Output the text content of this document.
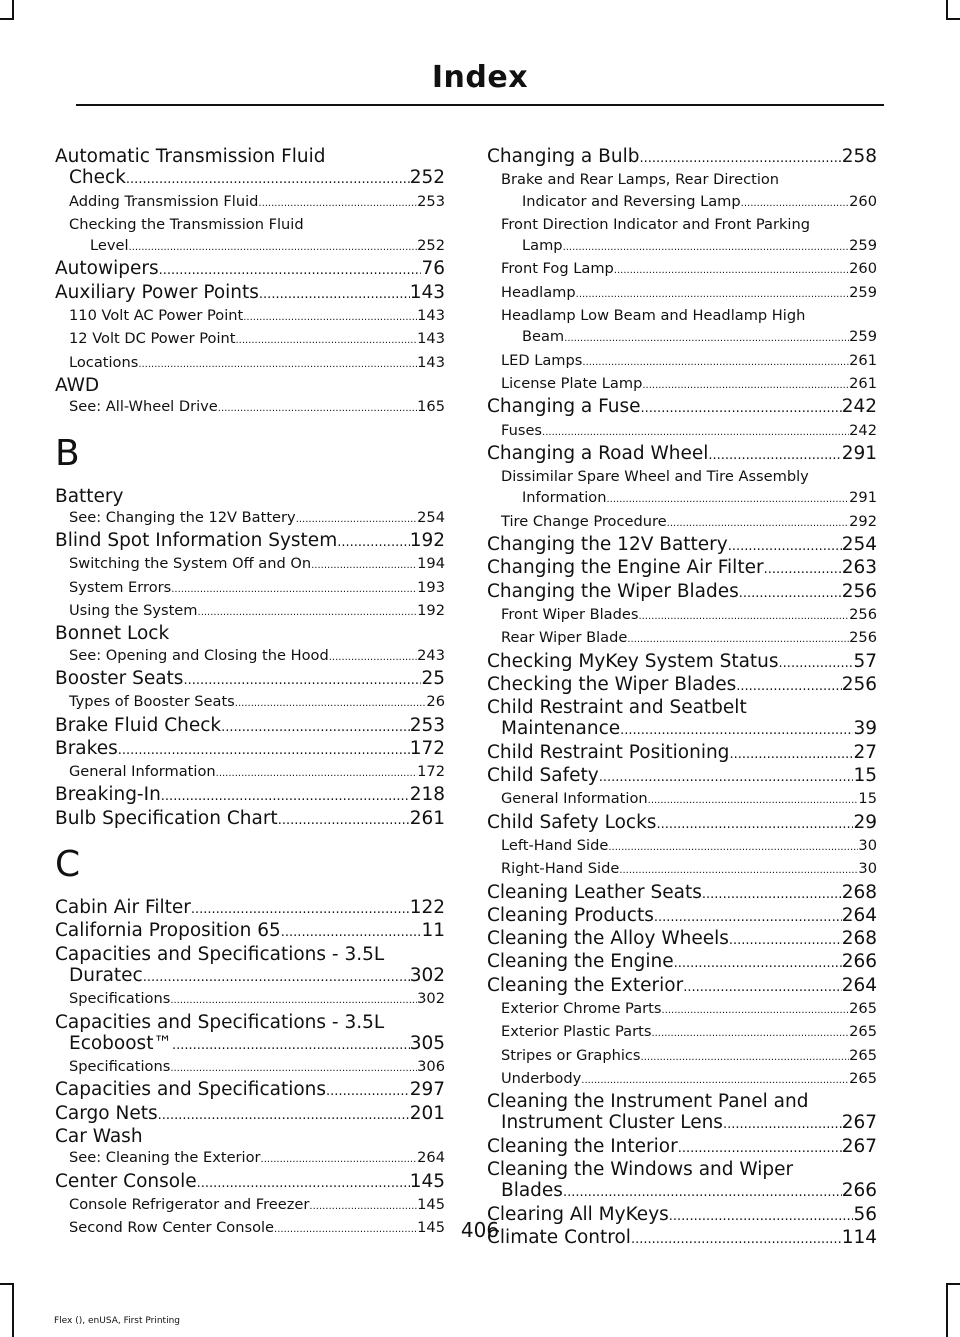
Index
Automatic Transmission Fluid
Check .....	252
Adding Transmission Fluid .....	253
Checking the Transmission Fluid
Level .....	252
Autowipers .....	76
Auxiliary Power Points .....	143
110 Volt AC Power Point .....	143
12 Volt DC Power Point .....	143
Locations .....	143
AWD
See: All-Wheel Drive .....	165
B
Battery
See: Changing the 12V Battery .....	254
Blind Spot Information System .....	192
Switching the System Off and On .....	194
System Errors .....	193
Using the System .....	192
Bonnet Lock
See: Opening and Closing the Hood .....	243
Booster Seats .....	25
Types of Booster Seats .....	26
Brake Fluid Check .....	253
Brakes .....	172
General Information .....	172
Breaking-In .....	218
Bulb Specification Chart .....	261
C
Cabin Air Filter .....	122
California Proposition 65 .....	11
Capacities and Specifications - 3.5L
Duratec .....	302
Specifications .....	302
Capacities and Specifications - 3.5L
Ecoboost™ .....	305
Specifications .....	306
Capacities and Specifications .....	297
Cargo Nets .....	201
Car Wash
See: Cleaning the Exterior .....	264
Center Console .....	145
Console Refrigerator and Freezer .....	145
Second Row Center Console .....	145
Changing a Bulb .....	258
Brake and Rear Lamps, Rear Direction
Indicator and Reversing Lamp .....	260
Front Direction Indicator and Front Parking
Lamp .....	259
Front Fog Lamp .....	260
Headlamp .....	259
Headlamp Low Beam and Headlamp High
Beam .....	259
LED Lamps .....	261
License Plate Lamp .....	261
Changing a Fuse .....	242
Fuses .....	242
Changing a Road Wheel .....	291
Dissimilar Spare Wheel and Tire Assembly
Information .....	291
Tire Change Procedure .....	292
Changing the 12V Battery .....	254
Changing the Engine Air Filter .....	263
Changing the Wiper Blades .....	256
Front Wiper Blades .....	256
Rear Wiper Blade .....	256
Checking MyKey System Status .....	57
Checking the Wiper Blades .....	256
Child Restraint and Seatbelt
Maintenance .....	39
Child Restraint Positioning .....	27
Child Safety .....	15
General Information .....	15
Child Safety Locks .....	29
Left-Hand Side .....	30
Right-Hand Side .....	30
Cleaning Leather Seats .....	268
Cleaning Products .....	264
Cleaning the Alloy Wheels .....	268
Cleaning the Engine .....	266
Cleaning the Exterior .....	264
Exterior Chrome Parts .....	265
Exterior Plastic Parts .....	265
Stripes or Graphics .....	265
Underbody .....	265
Cleaning the Instrument Panel and
Instrument Cluster Lens .....	267
Cleaning the Interior .....	267
Cleaning the Windows and Wiper
Blades .....	266
Clearing All MyKeys .....	56
Climate Control .....	114
406
Flex (), enUSA, First Printing
